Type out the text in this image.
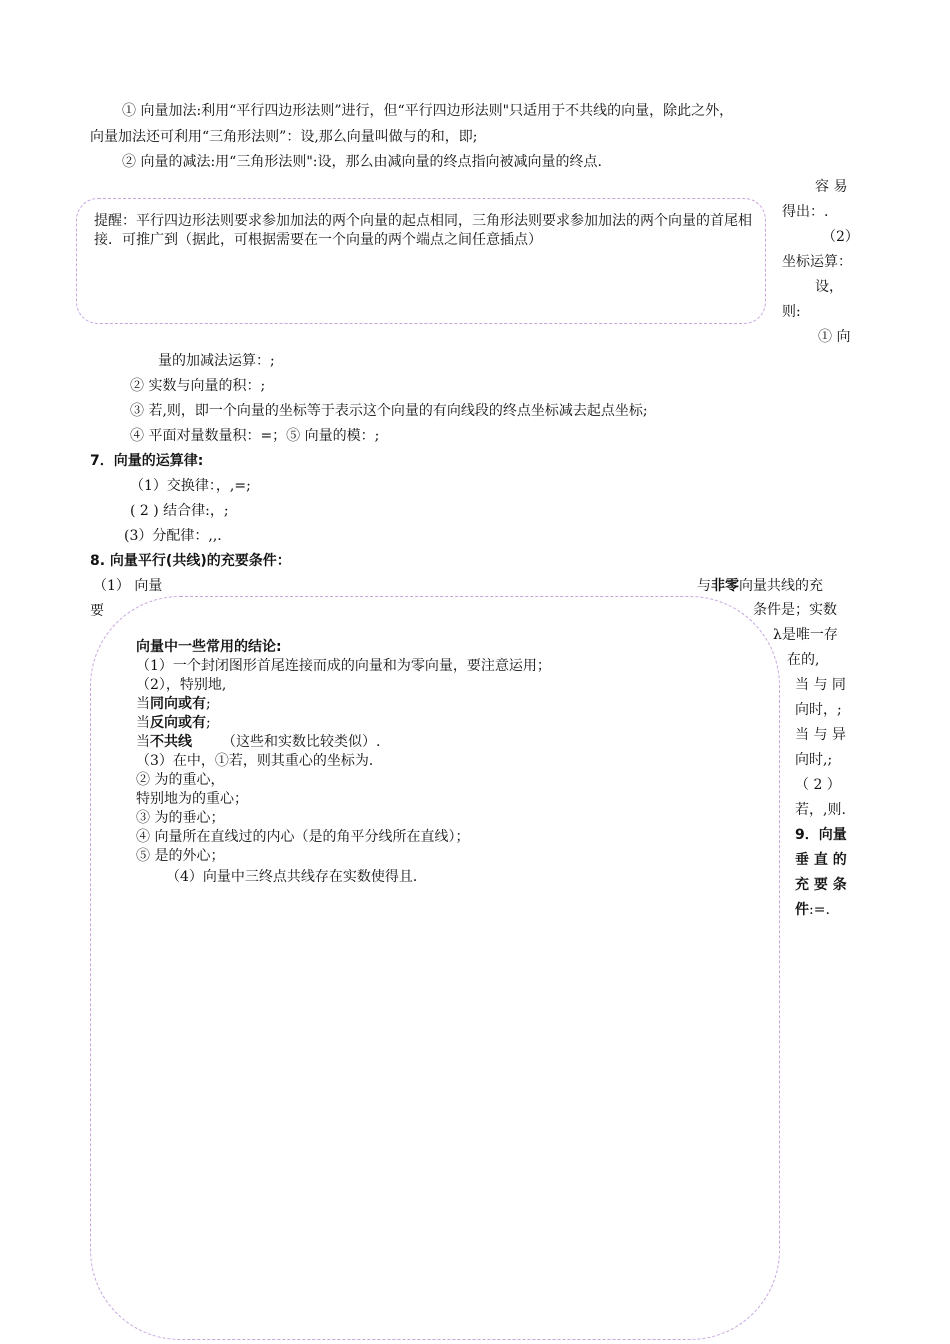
① 向量加法:利用“平行四边形法则”进行，但“平行四边形法则"只适用于不共线的向量，除此之外，
向量加法还可利用“三角形法则”：设,那么向量叫做与的和，即;
② 向量的减法:用“三角形法则":设，那么由减向量的终点指向被减向量的终点.
提醒：平行四边形法则要求参加加法的两个向量的起点相同，三角形法则要求参加加法的两个向量的首尾相接．可推广到（据此，可根据需要在一个向量的两个端点之间任意插点）
容 易
得出：.
（2）
坐标运算：
设，
则:
① 向
量的加减法运算：;
② 实数与向量的积：;
③ 若,则，即一个向量的坐标等于表示这个向量的有向线段的终点坐标减去起点坐标;
④ 平面对量数量积：=；⑤ 向量的模：;
7．向量的运算律:
（1）交换律：，,=;
( 2 ) 结合律:，;
(3）分配律：,,.
8. 向量平行(共线)的充要条件：
（1） 向量
要
与非零向量共线的充
向量中一些常用的结论:
（1）一个封闭图形首尾连接而成的向量和为零向量，要注意运用；
（2），特别地,
当同向或有;
当反向或有;
当不共线 （这些和实数比较类似）.
（3）在中，①若，则其重心的坐标为．
② 为的重心，
特别地为的重心；
③ 为的垂心；
④ 向量所在直线过的内心（是的角平分线所在直线）；
⑤ 是的外心；
（4）向量中三终点共线存在实数使得且．
条件是；实数
λ是唯一存
在的,
当 与 同
向时，;
当 与 异
向时,;
（ 2 ）
若，,则.
9．向量
垂 直 的
充 要 条
件:=.
